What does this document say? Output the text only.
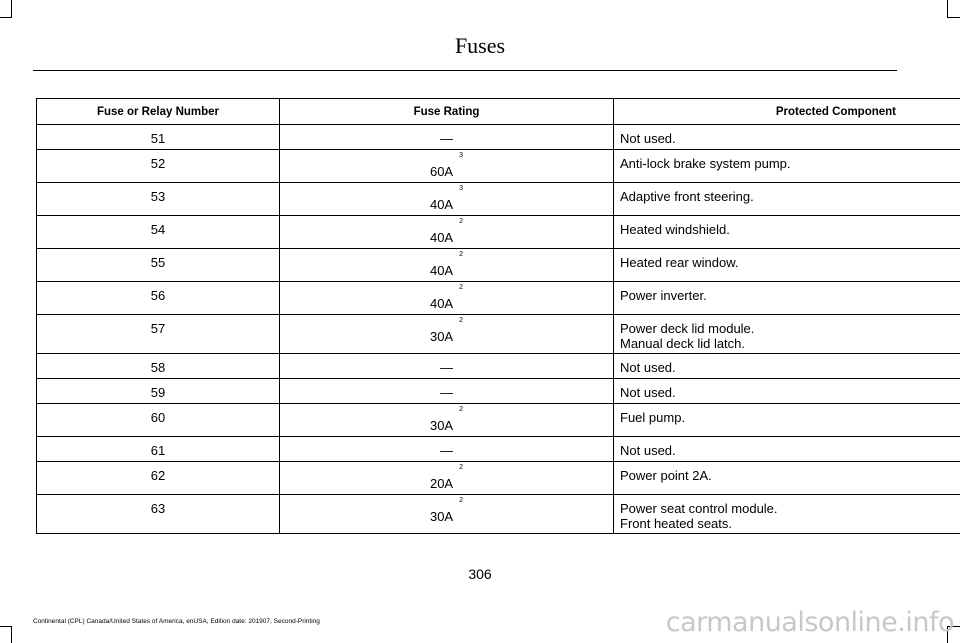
Fuses
Fuse or Relay Number	Fuse Rating	Protected Component
51	—	Not used.

52	60A$^3$	Anti-lock brake system pump.

53	40A$^3$	Adaptive front steering.

54	40A$^2$	Heated windshield.

55	40A$^2$	Heated rear window.

56	40A$^2$	Power inverter.

57	30A$^2$	Power deck lid module.
Manual deck lid latch.

58	—	Not used.

59	—	Not used.

60	30A$^2$	Fuel pump.

61	—	Not used.

62	20A$^2$	Power point 2A.

63	30A$^2$	Power seat control module.
Front heated seats.
306
Continental (CPL) Canada/United States of America, enUSA, Edition date: 201907, Second-Printing	carmanualsonline.info
